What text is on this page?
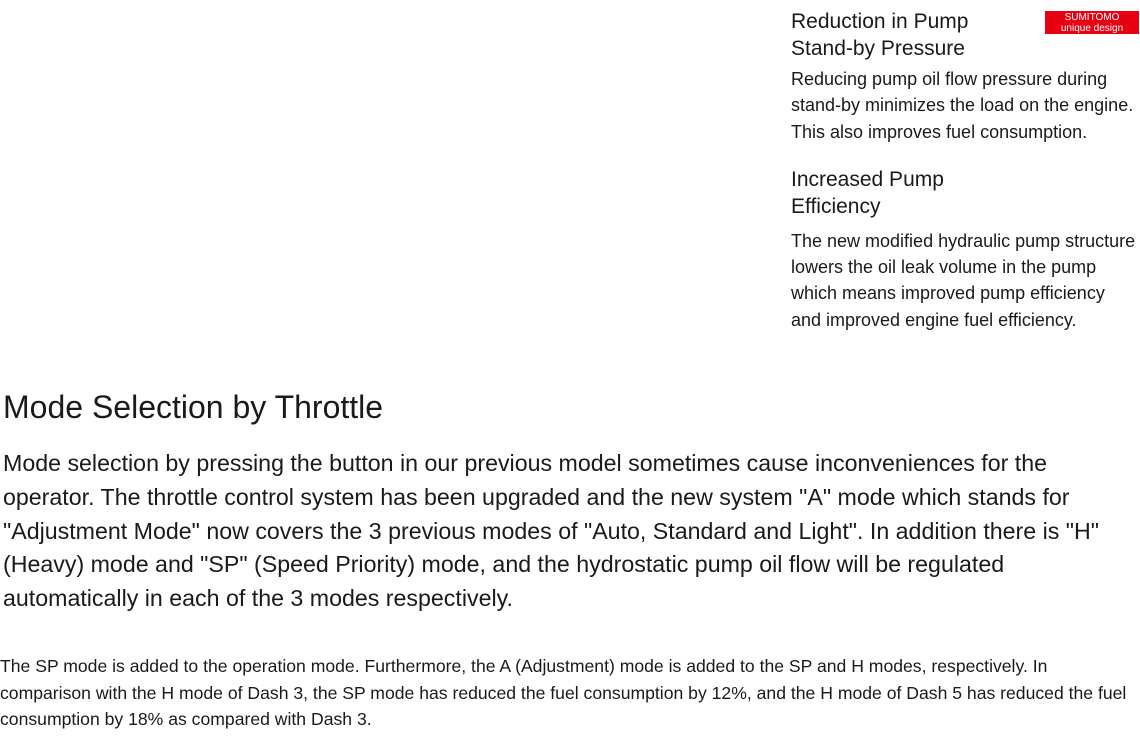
Reduction in Pump
Stand-by Pressure
SUMITOMO
unique design

Reducing pump oil flow pressure during stand-by minimizes the load on the engine. This also improves fuel consumption.

Increased Pump Efficiency

The new modified hydraulic pump structure lowers the oil leak volume in the pump which means improved pump efficiency and improved engine fuel efficiency.

Mode Selection by Throttle

Mode selection by pressing the button in our previous model sometimes cause inconveniences for the operator. The throttle control system has been upgraded and the new system "A" mode which stands for "Adjustment Mode" now covers the 3 previous modes of "Auto, Standard and Light". In addition there is "H" (Heavy) mode and "SP" (Speed Priority) mode, and the hydrostatic pump oil flow will be regulated automatically in each of the 3 modes respectively.

The SP mode is added to the operation mode. Furthermore, the A (Adjustment) mode is added to the SP and H modes, respectively. In comparison with the H mode of Dash 3, the SP mode has reduced the fuel consumption by 12%, and the H mode of Dash 5 has reduced the fuel consumption by 18% as compared with Dash 3.
